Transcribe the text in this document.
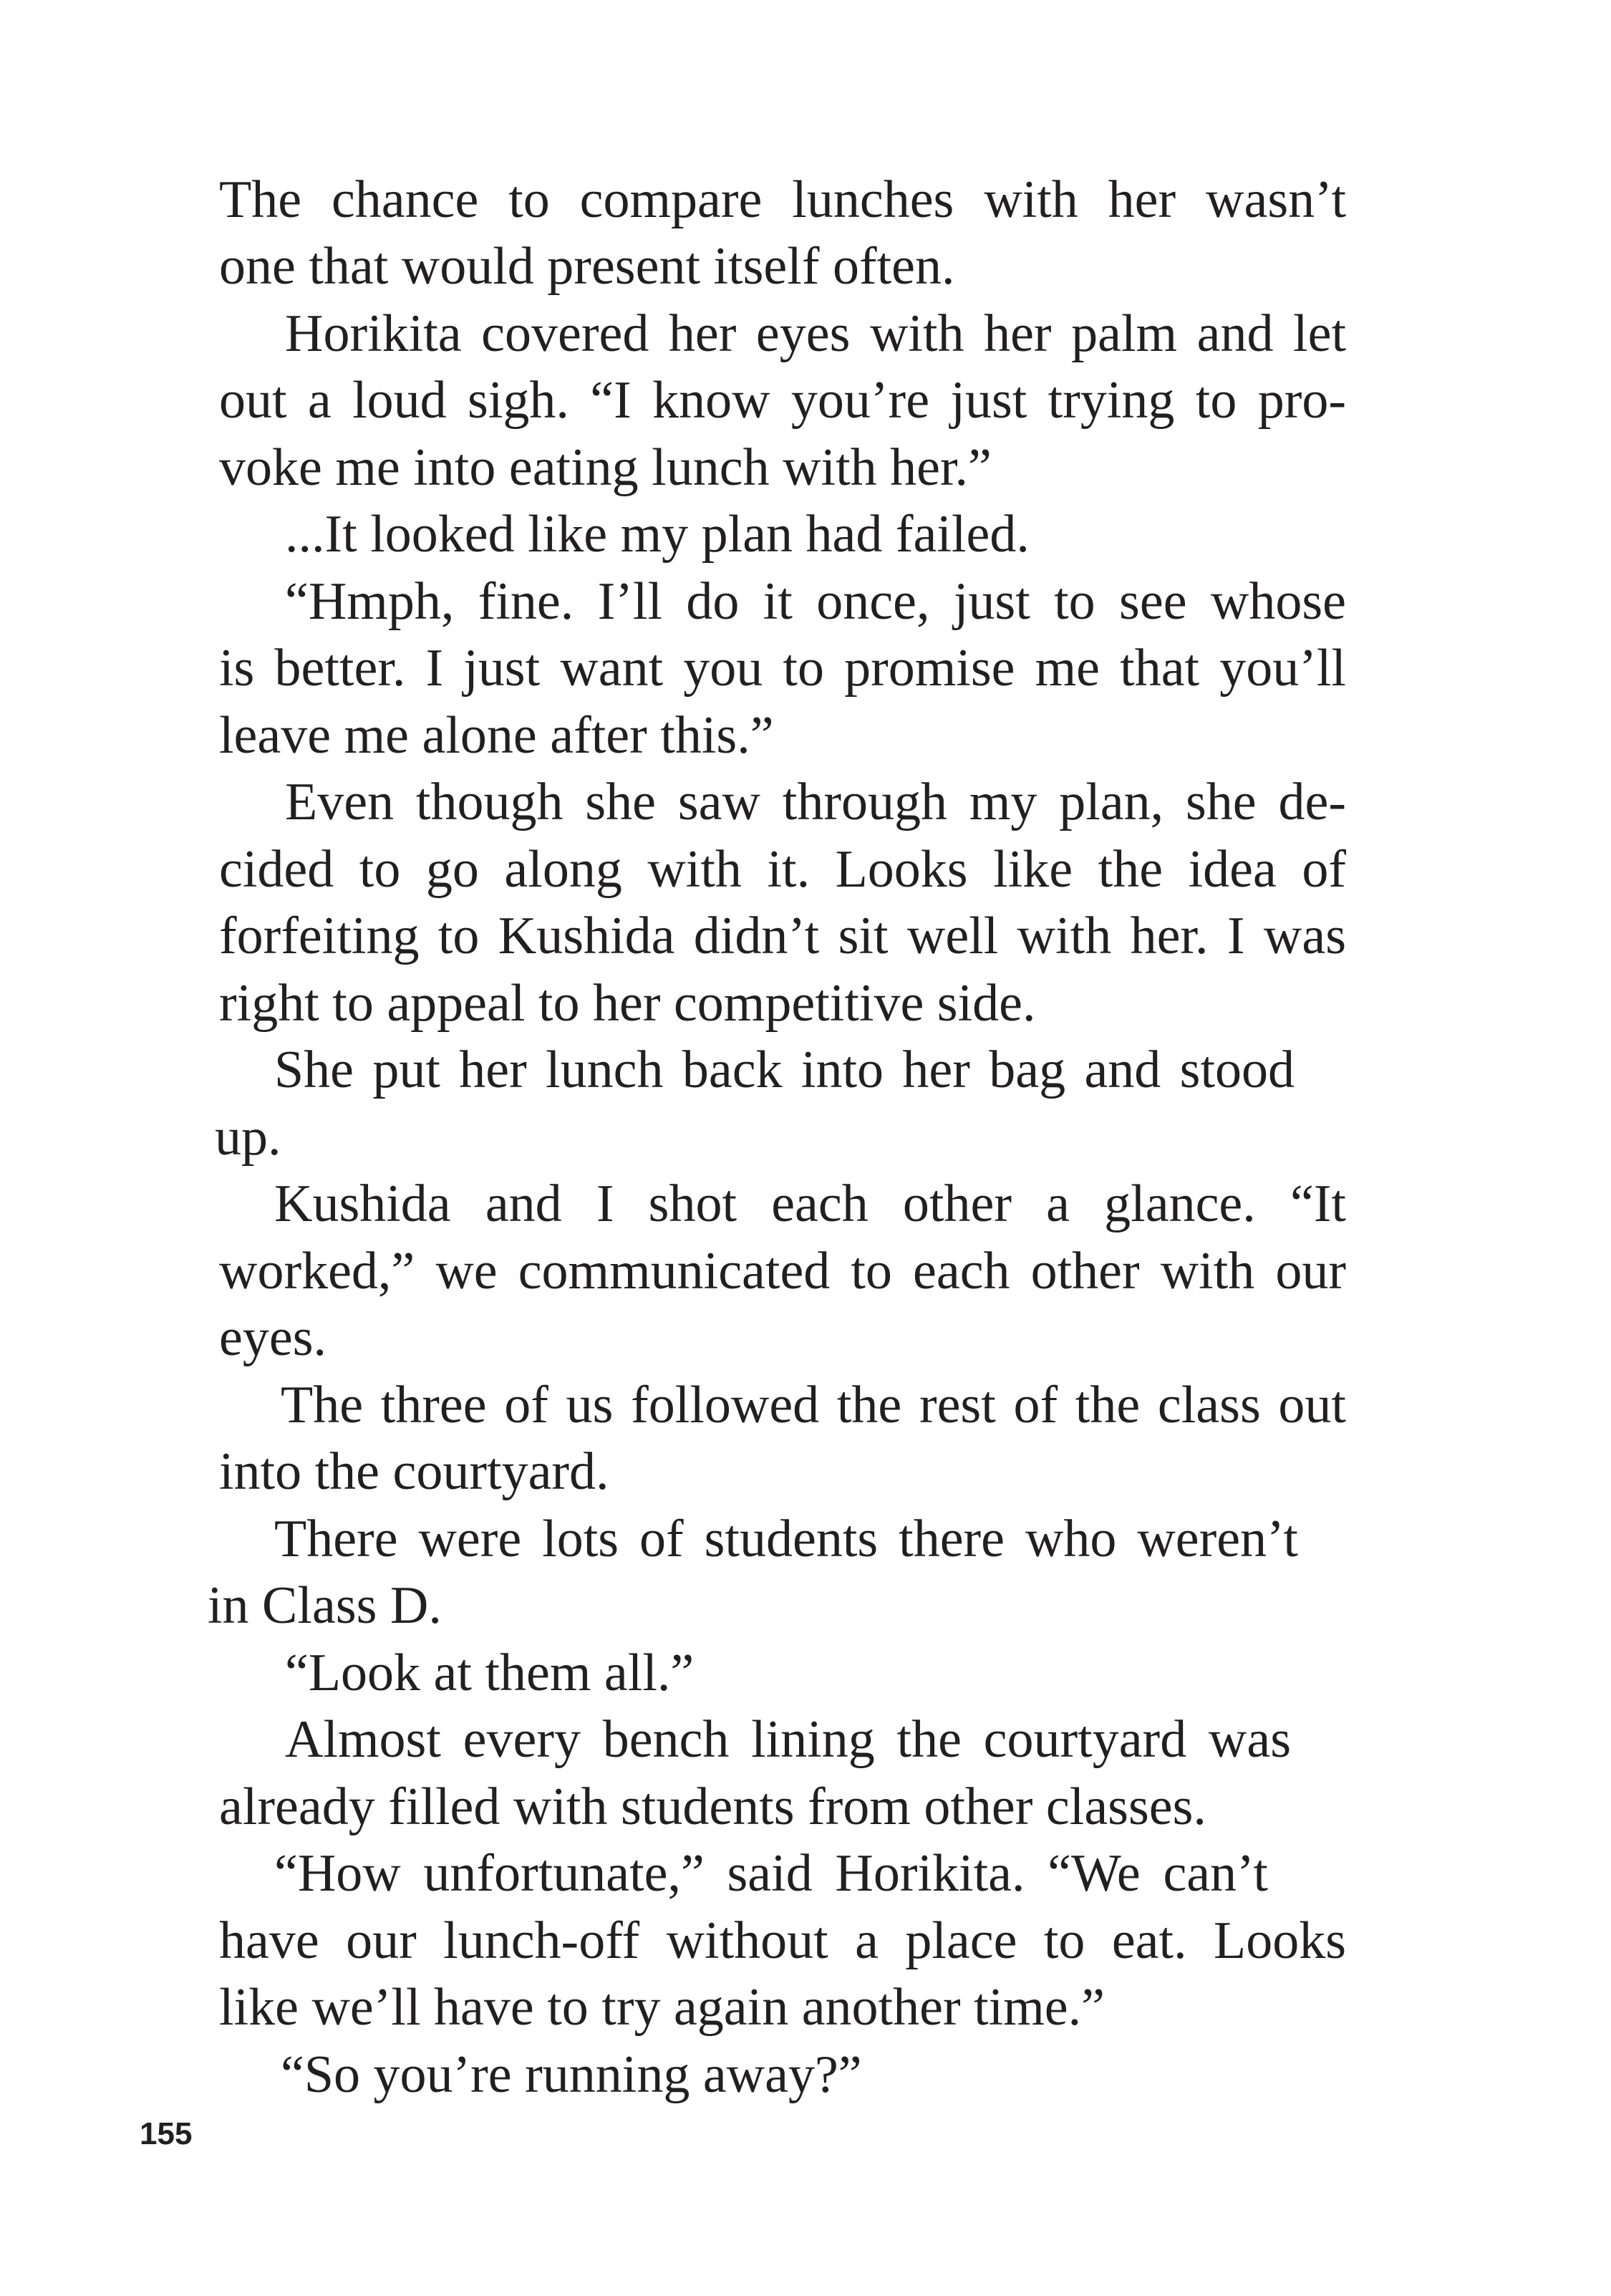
The chance to compare lunches with her wasn’t
one that would present itself often.
Horikita covered her eyes with her palm and let
out a loud sigh. “I know you’re just trying to pro-
voke me into eating lunch with her.”
...It looked like my plan had failed.
“Hmph, fine. I’ll do it once, just to see whose
is better. I just want you to promise me that you’ll
leave me alone after this.”
Even though she saw through my plan, she de-
cided to go along with it. Looks like the idea of
forfeiting to Kushida didn’t sit well with her. I was
right to appeal to her competitive side.
She put her lunch back into her bag and stood
up.
Kushida and I shot each other a glance. “It
worked,” we communicated to each other with our
eyes.
The three of us followed the rest of the class out
into the courtyard.
There were lots of students there who weren’t
in Class D.
“Look at them all.”
Almost every bench lining the courtyard was
already filled with students from other classes.
“How unfortunate,” said Horikita. “We can’t
have our lunch-off without a place to eat. Looks
like we’ll have to try again another time.”
“So you’re running away?”
155
